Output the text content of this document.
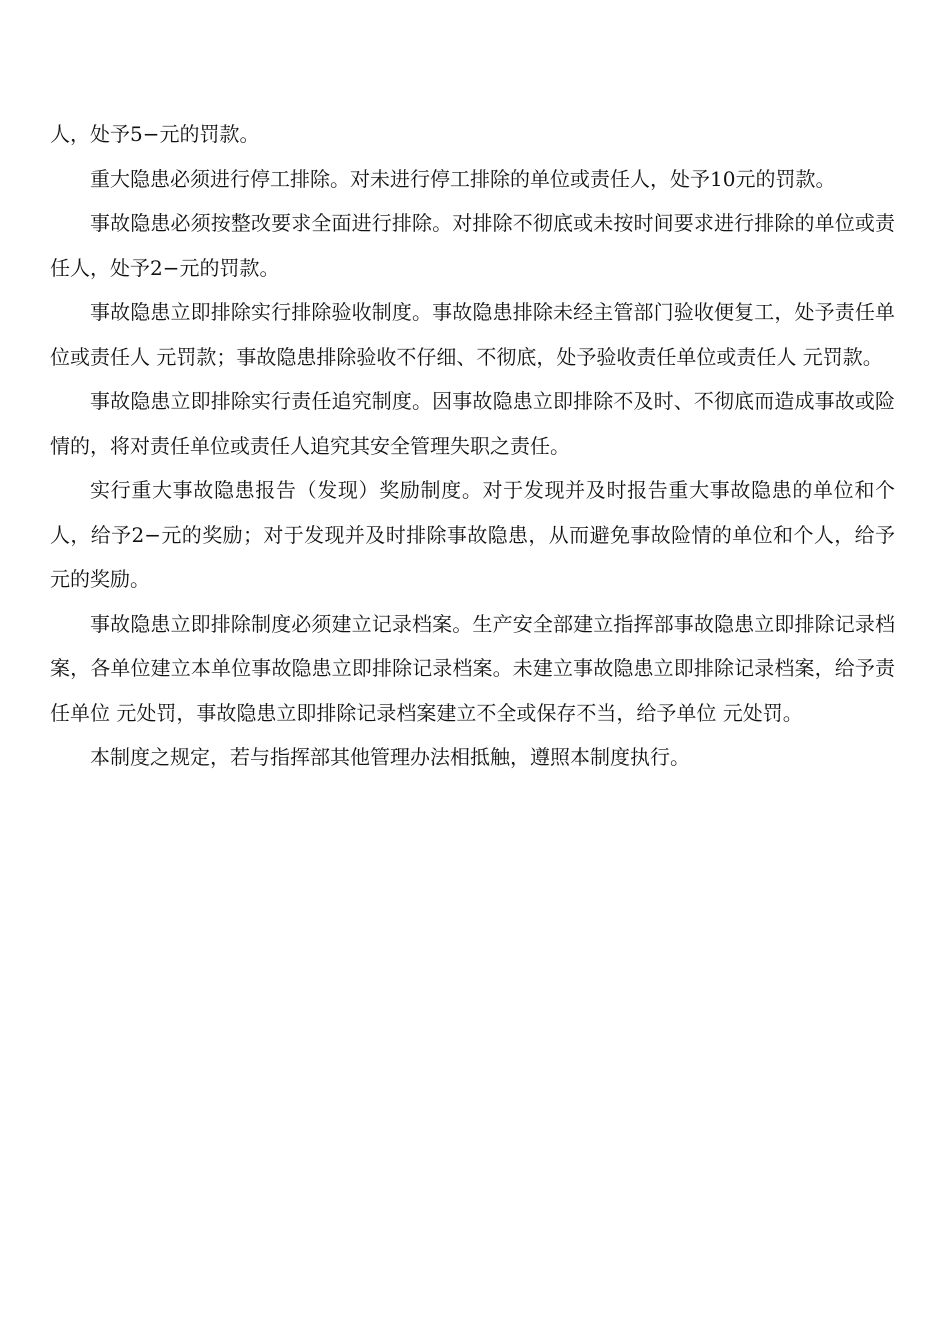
人，处予5−元的罚款。

重大隐患必须进行停工排除。对未进行停工排除的单位或责任人，处予10元的罚款。

事故隐患必须按整改要求全面进行排除。对排除不彻底或未按时间要求进行排除的单位或责任人，处予2−元的罚款。

事故隐患立即排除实行排除验收制度。事故隐患排除未经主管部门验收便复工，处予责任单位或责任人 元罚款；事故隐患排除验收不仔细、不彻底，处予验收责任单位或责任人 元罚款。

事故隐患立即排除实行责任追究制度。因事故隐患立即排除不及时、不彻底而造成事故或险情的，将对责任单位或责任人追究其安全管理失职之责任。

实行重大事故隐患报告（发现）奖励制度。对于发现并及时报告重大事故隐患的单位和个人，给予2−元的奖励；对于发现并及时排除事故隐患，从而避免事故险情的单位和个人，给予 元的奖励。

事故隐患立即排除制度必须建立记录档案。生产安全部建立指挥部事故隐患立即排除记录档案，各单位建立本单位事故隐患立即排除记录档案。未建立事故隐患立即排除记录档案，给予责任单位 元处罚，事故隐患立即排除记录档案建立不全或保存不当，给予单位 元处罚。

本制度之规定，若与指挥部其他管理办法相抵触，遵照本制度执行。
